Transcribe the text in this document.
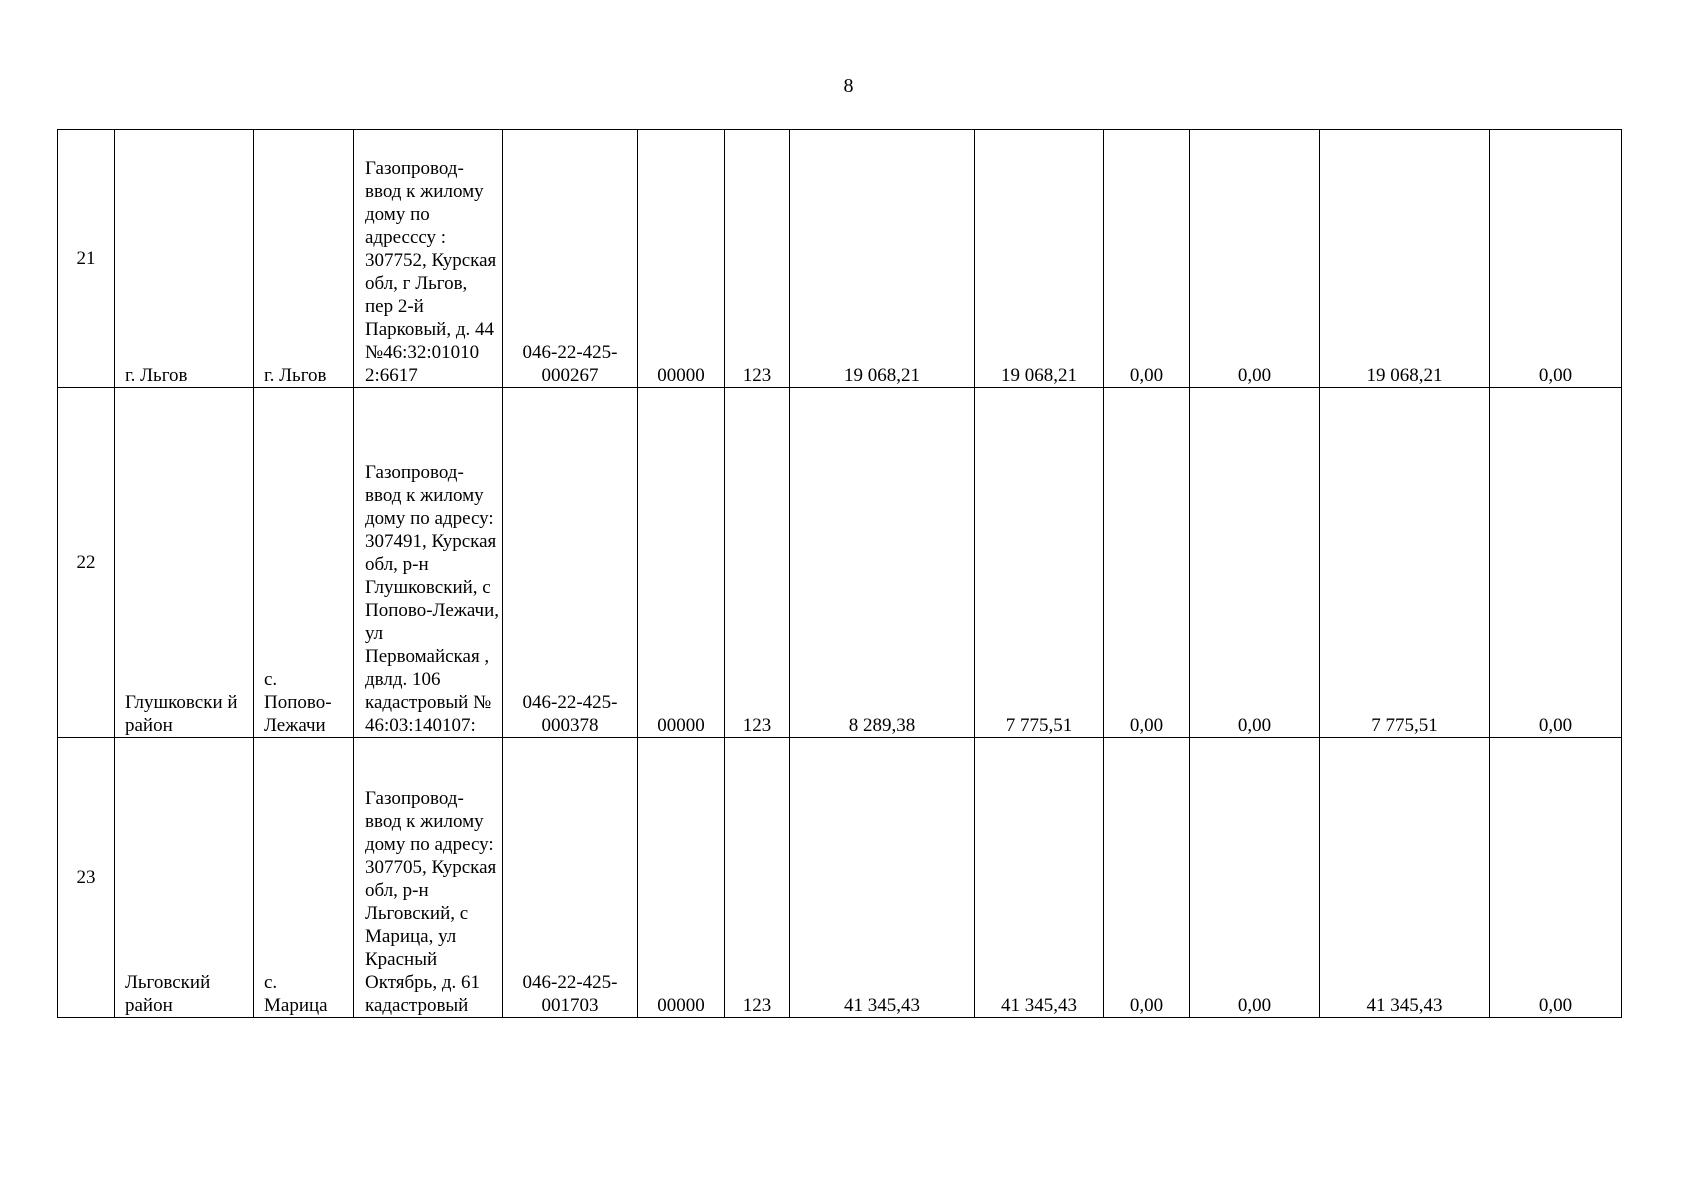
8
21	г. Льгов	г. Льгов	Газопровод-ввод к жилому дому по адресссу : 307752, Курская обл, г Льгов, пер 2-й Парковый, д. 44 №46:32:01010 2:6617	046-22-425-000267	00000	123	19 068,21	19 068,21	0,00	0,00	19 068,21	0,00
22	Глушковски й район	с. Попово-Лежачи	Газопровод-ввод к жилому дому по адресу: 307491, Курская обл, р-н Глушковский, с Попово-Лежачи, ул Первомайская , двлд. 106 кадастровый № 46:03:140107:	046-22-425-000378	00000	123	8 289,38	7 775,51	0,00	0,00	7 775,51	0,00
23	Льговский район	с. Марица	Газопровод-ввод к жилому дому по адресу: 307705, Курская обл, р-н Льговский, с Марица, ул Красный Октябрь, д. 61 кадастровый	046-22-425-001703	00000	123	41 345,43	41 345,43	0,00	0,00	41 345,43	0,00
